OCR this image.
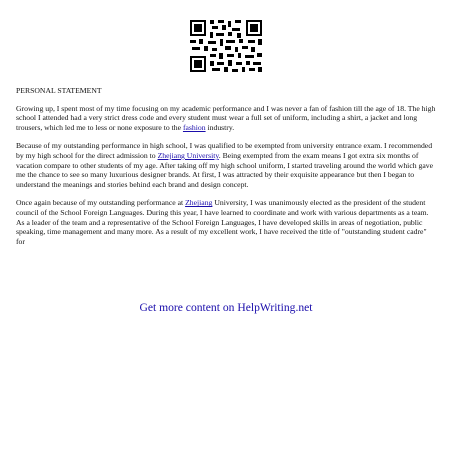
PERSONAL STATEMENT

Growing up, I spent most of my time focusing on my academic performance and I was never a fan of fashion till the age of 18. The high school I attended had a very strict dress code and every student must wear a full set of uniform, including a shirt, a jacket and long trousers, which led me to less or none exposure to the fashion industry.

Because of my outstanding performance in high school, I was qualified to be exempted from university entrance exam. I recommended by my high school for the direct admission to Zhejiang University. Being exempted from the exam means I got extra six months of vacation compare to other students of my age. After taking off my high school uniform, I started traveling around the world which gave me the chance to see so many luxurious designer brands. At first, I was attracted by their exquisite appearance but then I began to understand the meanings and stories behind each brand and design concept.

Once again because of my outstanding performance at Zhejiang University, I was unanimously elected as the president of the student council of the School Foreign Languages. During this year, I have learned to coordinate and work with various departments as a team. As a leader of the team and a representative of the School Foreign Languages, I have developed skills in areas of negotiation, public speaking, time management and many more. As a result of my excellent work, I have received the title of "outstanding student cadre" for

Get more content on HelpWriting.net
